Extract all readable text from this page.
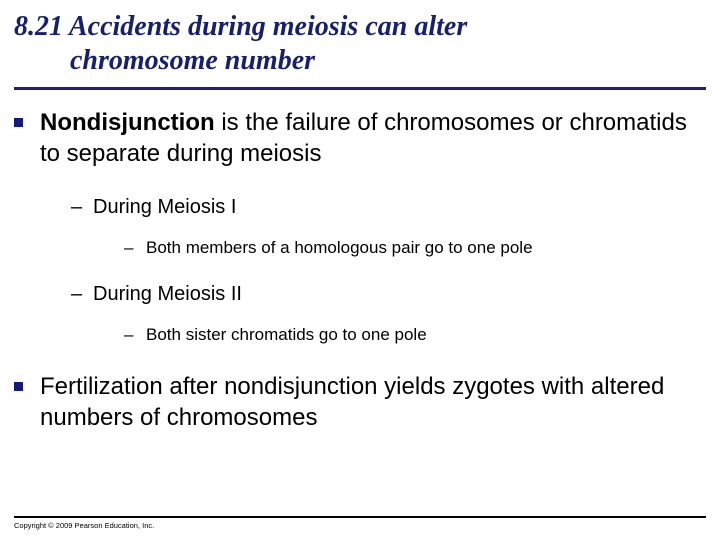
8.21 Accidents during meiosis can alter
chromosome number
Nondisjunction is the failure of chromosomes or chromatids to separate during meiosis
– During Meiosis I
– Both members of a homologous pair go to one pole
– During Meiosis II
– Both sister chromatids go to one pole
Fertilization after nondisjunction yields zygotes with altered numbers of chromosomes
Copyright © 2009 Pearson Education, Inc.
